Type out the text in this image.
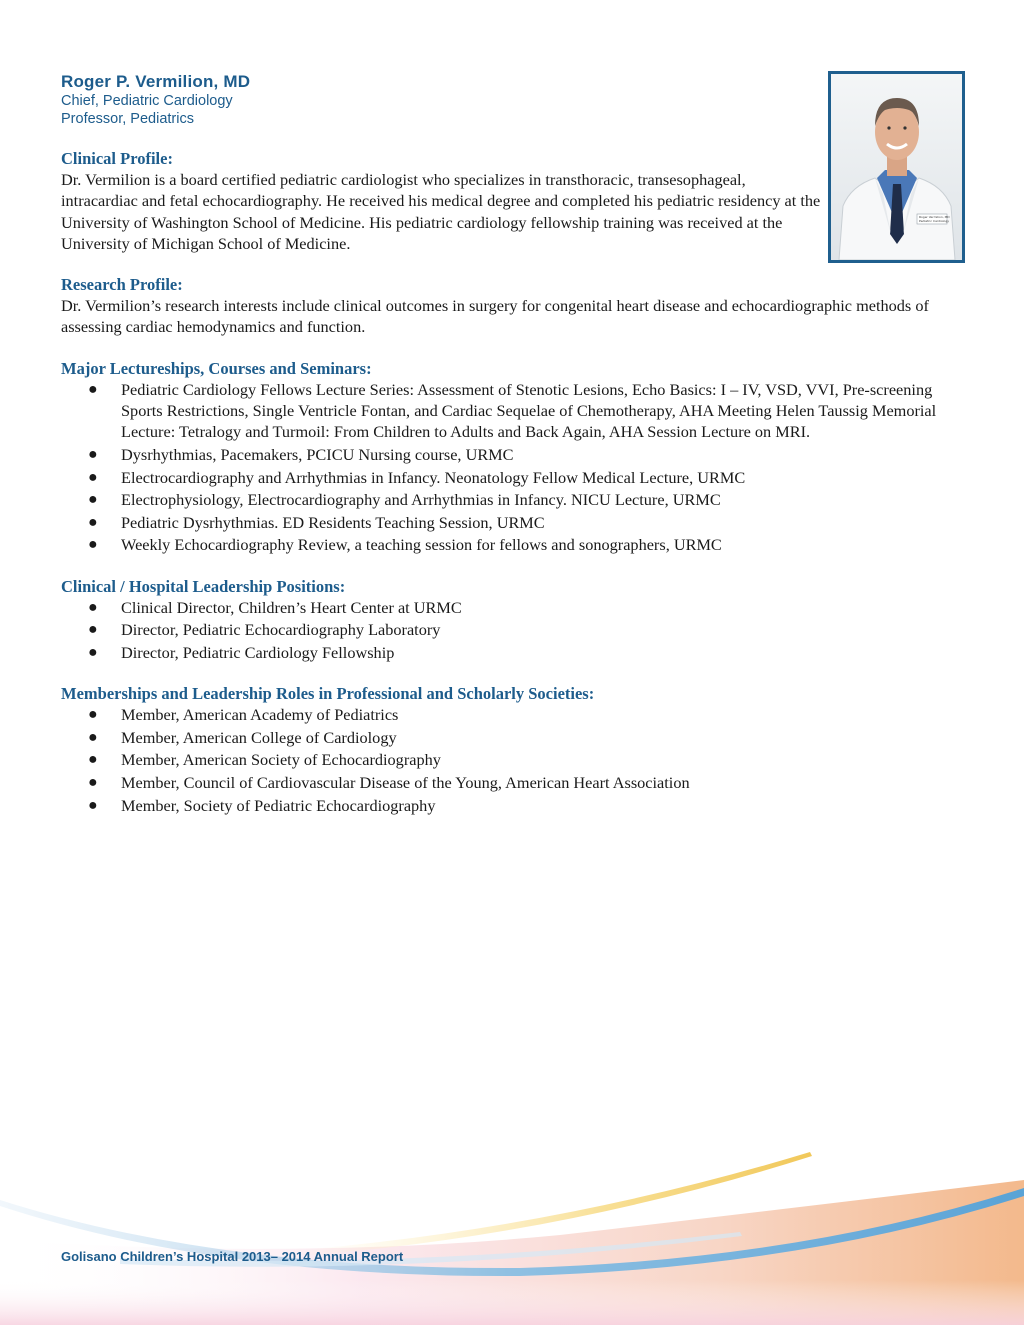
Roger P. Vermilion, MD
Chief, Pediatric Cardiology
Professor, Pediatrics
Roger Vermilion, MD
Pediatric Cardiology
Clinical Profile:

Dr. Vermilion is a board certified pediatric cardiologist who specializes in transthoracic, transesophageal, intracardiac and fetal echocardiography. He received his medical degree and completed his pediatric residency at the University of Washington School of Medicine. His pediatric cardiology fellowship training was received at the University of Michigan School of Medicine.

Research Profile:

Dr. Vermilion’s research interests include clinical outcomes in surgery for congenital heart disease and echocardiographic methods of assessing cardiac hemodynamics and function.

Major Lectureships, Courses and Seminars:
● Pediatric Cardiology Fellows Lecture Series: Assessment of Stenotic Lesions, Echo Basics: I – IV, VSD, VVI, Pre-screening Sports Restrictions, Single Ventricle Fontan, and Cardiac Sequelae of Chemotherapy, AHA Meeting Helen Taussig Memorial Lecture: Tetralogy and Turmoil: From Children to Adults and Back Again, AHA Session Lecture on MRI.
● Dysrhythmias, Pacemakers, PCICU Nursing course, URMC
● Electrocardiography and Arrhythmias in Infancy. Neonatology Fellow Medical Lecture, URMC
● Electrophysiology, Electrocardiography and Arrhythmias in Infancy. NICU Lecture, URMC
● Pediatric Dysrhythmias. ED Residents Teaching Session, URMC
● Weekly Echocardiography Review, a teaching session for fellows and sonographers, URMC
Clinical / Hospital Leadership Positions:
● Clinical Director, Children’s Heart Center at URMC
● Director, Pediatric Echocardiography Laboratory
● Director, Pediatric Cardiology Fellowship
Memberships and Leadership Roles in Professional and Scholarly Societies:
● Member, American Academy of Pediatrics
● Member, American College of Cardiology
● Member, American Society of Echocardiography
● Member, Council of Cardiovascular Disease of the Young, American Heart Association
● Member, Society of Pediatric Echocardiography
Golisano Children’s Hospital 2013– 2014 Annual Report
